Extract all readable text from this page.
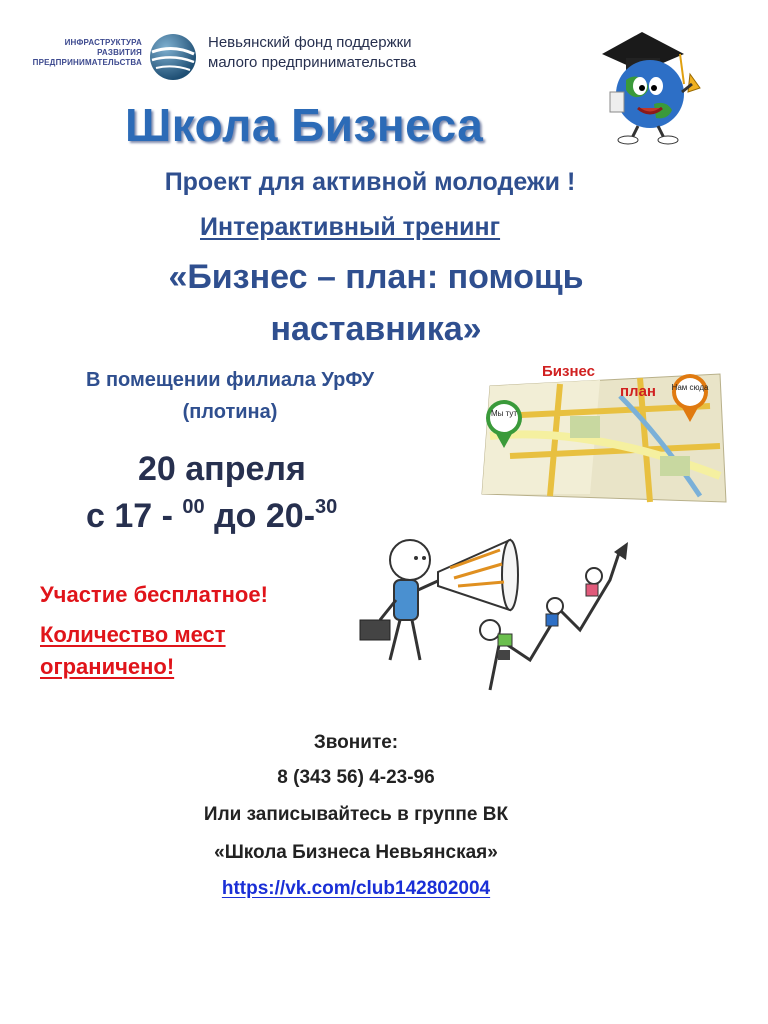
ИНФРАСТРУКТУРА
РАЗВИТИЯ
ПРЕДПРИНИМАТЕЛЬСТВА
Невьянский фонд поддержки
малого предпринимательства
Школа Бизнеса
Проект для активной молодежи !
Интерактивный тренинг
«Бизнес – план: помощь
наставника»
В помещении филиала УрФУ
(плотина)
Бизнес
план
Мы тут
Нам сюда
20 апреля
с 17 - $^{00}$ до 20-$^{30}$
Участие бесплатное!
Количество мест
ограничено!
Звоните:
8 (343 56) 4-23-96
Или записывайтесь в группе ВК
«Школа Бизнеса Невьянская»
https://vk.com/club142802004
